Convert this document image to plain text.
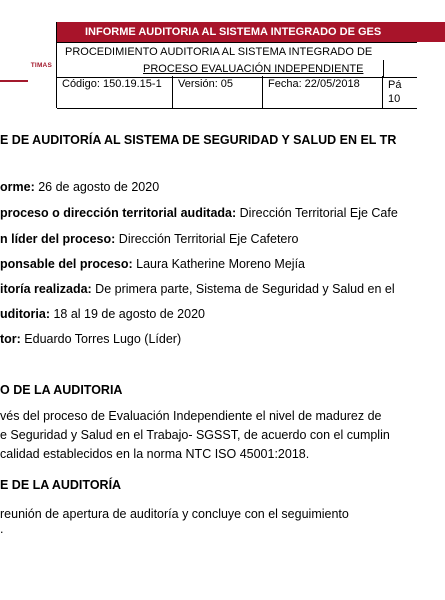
TIMAS
INFORME AUDITORIA AL SISTEMA INTEGRADO DE GES
PROCEDIMIENTO AUDITORIA AL SISTEMA INTEGRADO DE
PROCESO EVALUACIÓN INDEPENDIENTE
Código: 150.19.15-1	Versión: 05	Fecha: 22/05/2018	Pá
10
E DE AUDITORÍA AL SISTEMA DE SEGURIDAD Y SALUD EN EL TR
orme: 26 de agosto de 2020
proceso o dirección territorial auditada: Dirección Territorial Eje Cafe
n líder del proceso: Dirección Territorial Eje Cafetero
ponsable del proceso: Laura Katherine Moreno Mejía
itoría realizada: De primera parte, Sistema de Seguridad y Salud en el
uditoria: 18 al 19 de agosto de 2020
tor: Eduardo Torres Lugo (Líder)
O DE LA AUDITORIA
vés del proceso de Evaluación Independiente el nivel de madurez de
e Seguridad y Salud en el Trabajo- SGSST, de acuerdo con el cumplin
calidad establecidos en la norma NTC ISO 45001:2018.
E DE LA AUDITORÍA
reunión de apertura de auditoría y concluye con el seguimiento
.
